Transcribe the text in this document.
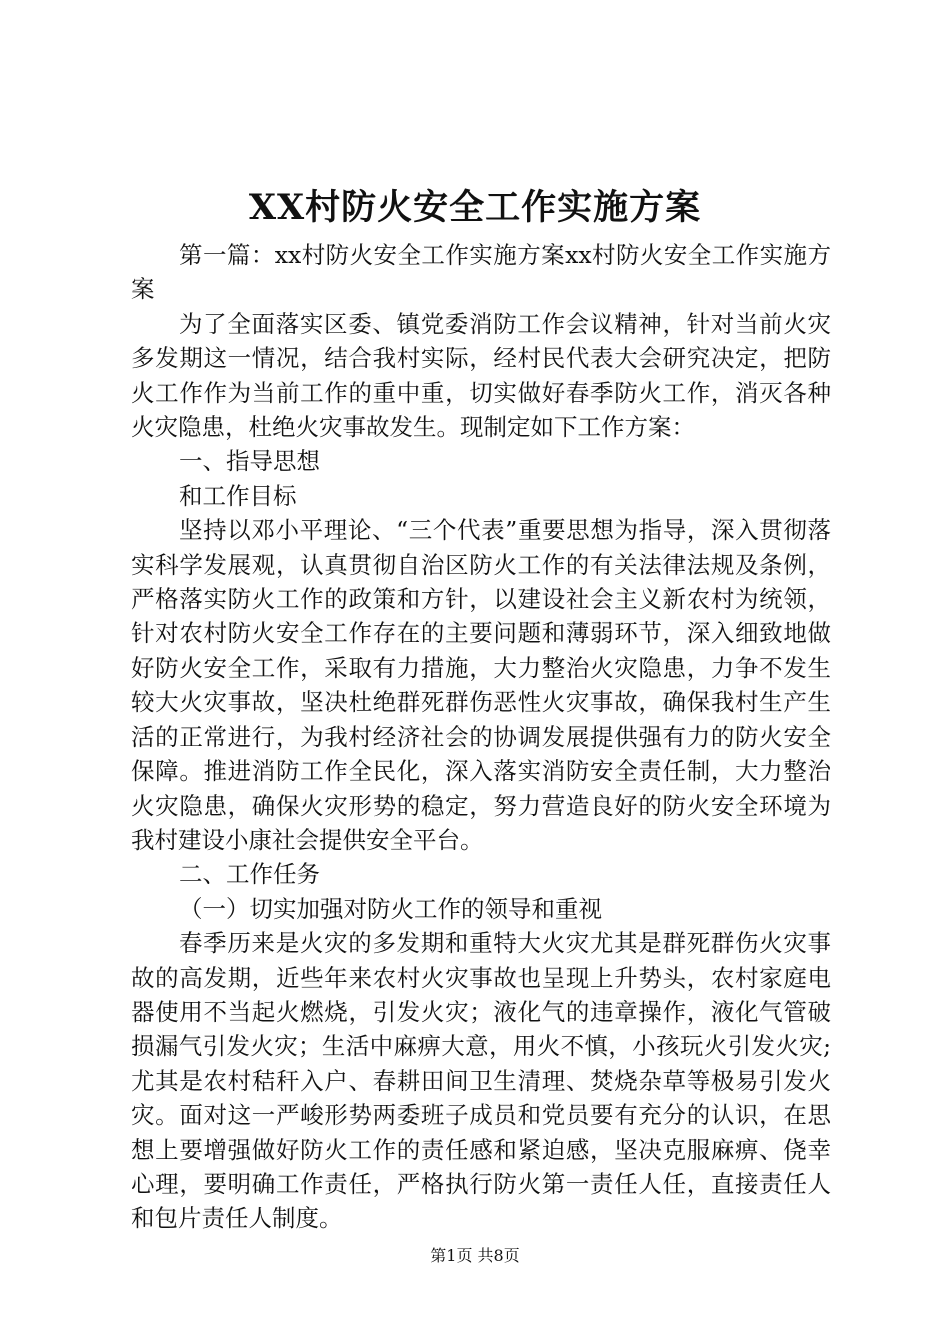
XX村防火安全工作实施方案

第一篇：xx村防火安全工作实施方案xx村防火安全工作实施方案

为了全面落实区委、镇党委消防工作会议精神，针对当前火灾多发期这一情况，结合我村实际，经村民代表大会研究决定，把防火工作作为当前工作的重中重，切实做好春季防火工作，消灭各种火灾隐患，杜绝火灾事故发生。现制定如下工作方案：

一、指导思想

和工作目标

坚持以邓小平理论、“三个代表”重要思想为指导，深入贯彻落实科学发展观，认真贯彻自治区防火工作的有关法律法规及条例，严格落实防火工作的政策和方针，以建设社会主义新农村为统领，针对农村防火安全工作存在的主要问题和薄弱环节，深入细致地做好防火安全工作，采取有力措施，大力整治火灾隐患，力争不发生较大火灾事故，坚决杜绝群死群伤恶性火灾事故，确保我村生产生活的正常进行，为我村经济社会的协调发展提供强有力的防火安全保障。推进消防工作全民化，深入落实消防安全责任制，大力整治火灾隐患，确保火灾形势的稳定，努力营造良好的防火安全环境为我村建设小康社会提供安全平台。

二、工作任务

（一）切实加强对防火工作的领导和重视

春季历来是火灾的多发期和重特大火灾尤其是群死群伤火灾事故的高发期，近些年来农村火灾事故也呈现上升势头，农村家庭电器使用不当起火燃烧，引发火灾；液化气的违章操作，液化气管破损漏气引发火灾；生活中麻痹大意，用火不慎，小孩玩火引发火灾;尤其是农村秸秆入户、春耕田间卫生清理、焚烧杂草等极易引发火灾。面对这一严峻形势两委班子成员和党员要有充分的认识，在思想上要增强做好防火工作的责任感和紧迫感，坚决克服麻痹、侥幸心理，要明确工作责任，严格执行防火第一责任人任，直接责任人和包片责任人制度。

第1页 共8页
